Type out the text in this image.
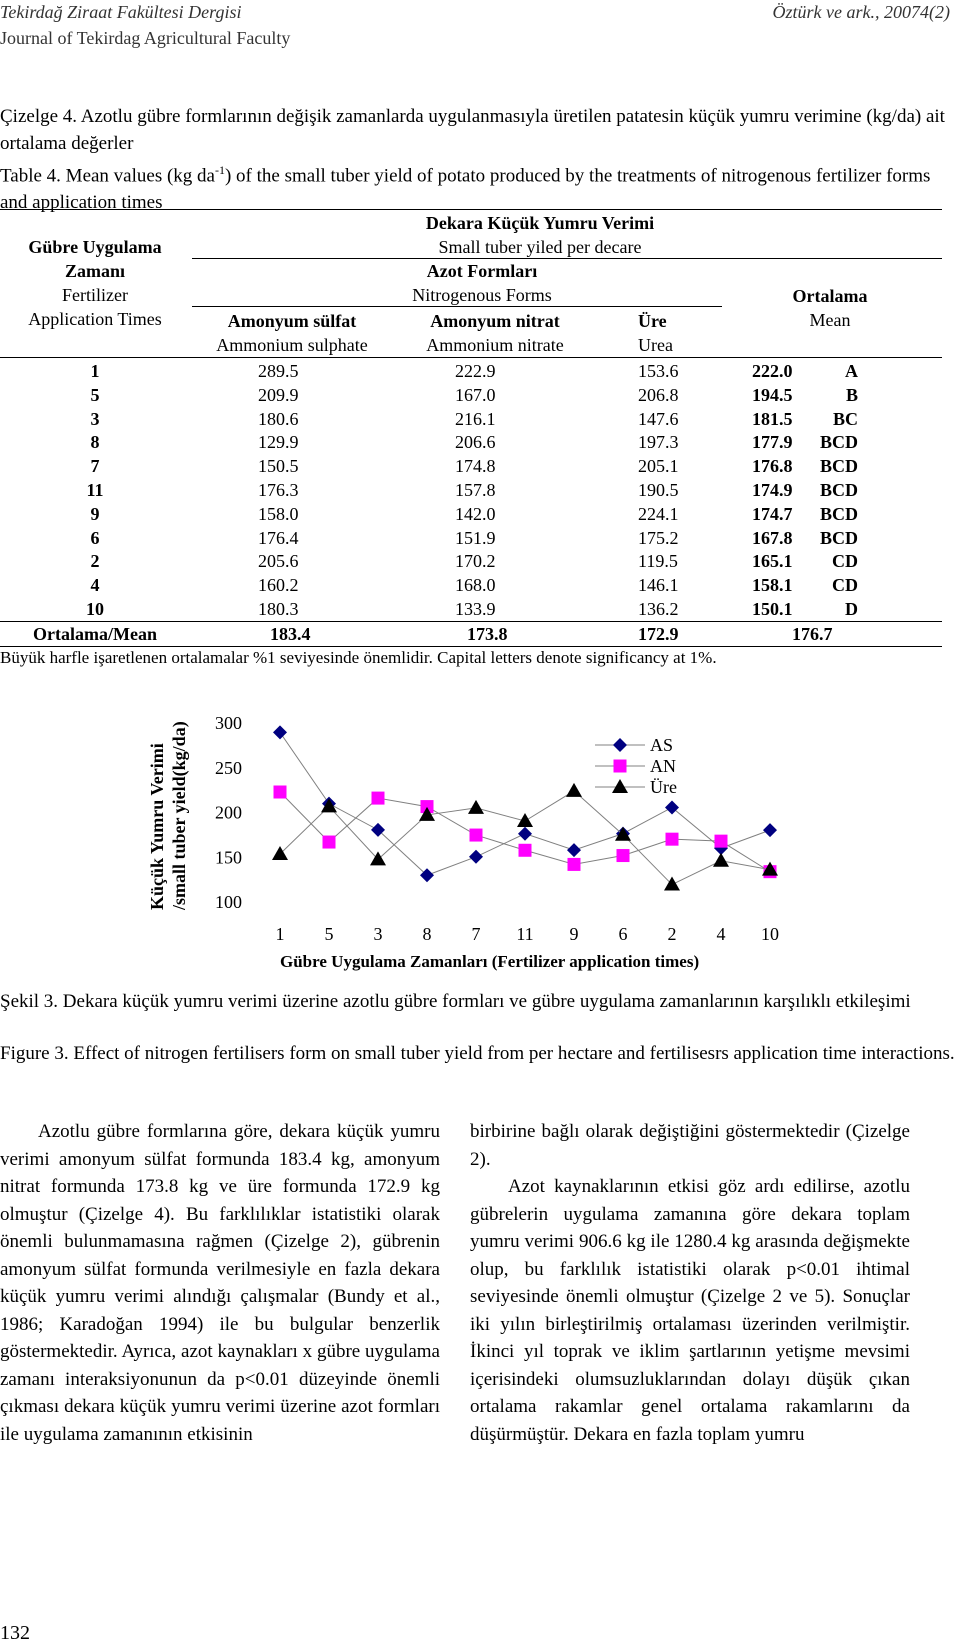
Tekirdağ Ziraat Fakültesi Dergisi
Journal of Tekirdag Agricultural Faculty
Öztürk ve ark., 20074(2)
Çizelge 4. Azotlu gübre formlarının değişik zamanlarda uygulanmasıyla üretilen patatesin küçük yumru verimine (kg/da) ait ortalama değerler
Table 4. Mean values (kg $da^{-1}$) of the small tuber yield of potato produced by the treatments of nitrogenous fertilizer forms and application times
Gübre Uygulama
Zamanı
Fertilizer
Application Times
Dekara Küçük Yumru Verimi
Small tuber yiled per decare
Azot Formları
Nitrogenous Forms	Ortalama
Mean
Amonyum sülfat
Ammonium sulphate
Amonyum nitrat
Ammonium nitrate
Üre
Urea
1	289.5	222.9	153.6	222.0	A
5	209.9	167.0	206.8	194.5	B
3	180.6	216.1	147.6	181.5	BC
8	129.9	206.6	197.3	177.9	BCD
7	150.5	174.8	205.1	176.8	BCD
11	176.3	157.8	190.5	174.9	BCD
9	158.0	142.0	224.1	174.7	BCD
6	176.4	151.9	175.2	167.8	BCD
2	205.6	170.2	119.5	165.1	CD
4	160.2	168.0	146.1	158.1	CD
10	180.3	133.9	136.2	150.1	D
Ortalama/Mean	183.4	173.8	172.9	176.7
Büyük harfle işaretlenen ortalamalar %1 seviyesinde önemlidir. Capital letters denote significancy at 1%.
Küçük Yumru Verimi /small tuber yield(kg/da) 100
150
200
250
300
1 5 3 8 7 11 9 6 2 4 10
AS
AN
Üre
Gübre Uygulama Zamanları (Fertilizer application times)
Şekil 3. Dekara küçük yumru verimi üzerine azotlu gübre formları ve gübre uygulama zamanlarının karşılıklı etkileşimi
Figure 3. Effect of nitrogen fertilisers form on small tuber yield from per hectare and fertilisesrs application time interactions.
Azotlu gübre formlarına göre, dekara küçük yumru verimi amonyum sülfat formunda 183.4 kg, amonyum nitrat formunda 173.8 kg ve üre formunda 172.9 kg olmuştur (Çizelge 4). Bu farklılıklar istatistiki olarak önemli bulunmamasına rağmen (Çizelge 2), gübrenin amonyum sülfat formunda verilmesiyle en fazla dekara küçük yumru verimi alındığı çalışmalar (Bundy et al., 1986; Karadoğan 1994) ile bu bulgular benzerlik göstermektedir. Ayrıca, azot kaynakları x gübre uygulama zamanı interaksiyonunun da p<0.01 düzeyinde önemli çıkması dekara küçük yumru verimi üzerine azot formları ile uygulama zamanının etkisinin
birbirine bağlı olarak değiştiğini göstermektedir (Çizelge 2).
Azot kaynaklarının etkisi göz ardı edilirse, azotlu gübrelerin uygulama zamanına göre dekara toplam yumru verimi 906.6 kg ile 1280.4 kg arasında değişmekte olup, bu farklılık istatistiki olarak p<0.01 ihtimal seviyesinde önemli olmuştur (Çizelge 2 ve 5). Sonuçlar iki yılın birleştirilmiş ortalaması üzerinden verilmiştir. İkinci yıl toprak ve iklim şartlarının yetişme mevsimi içerisindeki olumsuzluklarından dolayı düşük çıkan ortalama rakamlar genel ortalama rakamlarını da düşürmüştür. Dekara en fazla toplam yumru
132
